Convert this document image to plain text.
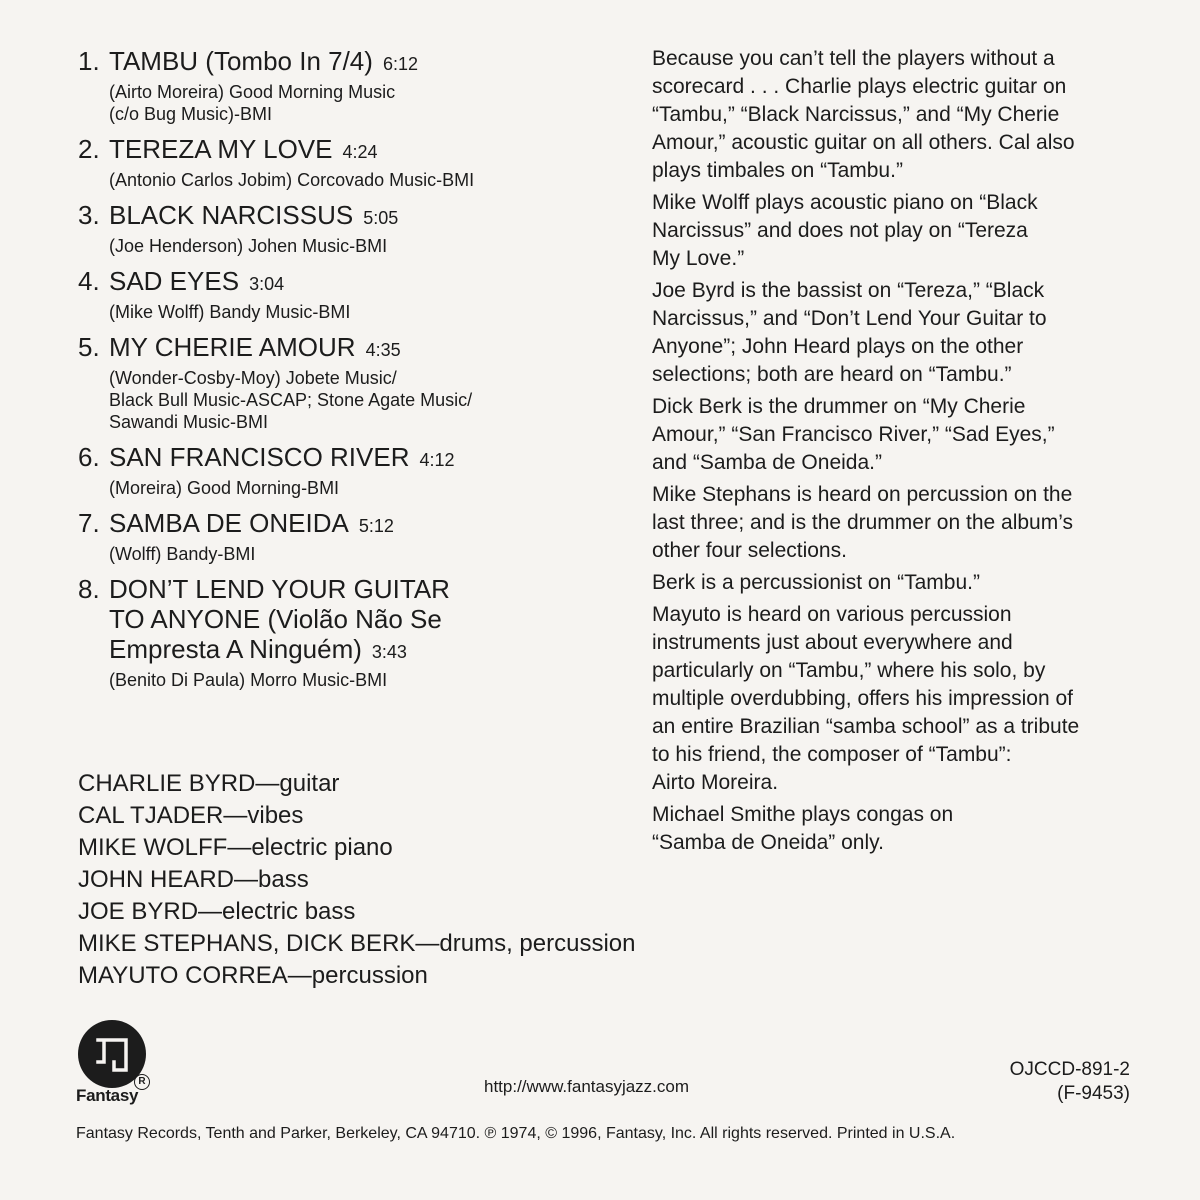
1. TAMBU (Tombo In 7/4) 6:12
(Airto Moreira) Good Morning Music
(c/o Bug Music)-BMI
2. TEREZA MY LOVE 4:24
(Antonio Carlos Jobim) Corcovado Music-BMI
3. BLACK NARCISSUS 5:05
(Joe Henderson) Johen Music-BMI
4. SAD EYES 3:04
(Mike Wolff) Bandy Music-BMI
5. MY CHERIE AMOUR 4:35
(Wonder-Cosby-Moy) Jobete Music/
Black Bull Music-ASCAP; Stone Agate Music/
Sawandi Music-BMI
6. SAN FRANCISCO RIVER 4:12
(Moreira) Good Morning-BMI
7. SAMBA DE ONEIDA 5:12
(Wolff) Bandy-BMI
8. DON’T LEND YOUR GUITAR
TO ANYONE (Violão Não Se
Empresta A Ninguém) 3:43
(Benito Di Paula) Morro Music-BMI
CHARLIE BYRD—guitar
CAL TJADER—vibes
MIKE WOLFF—electric piano
JOHN HEARD—bass
JOE BYRD—electric bass
MIKE STEPHANS, DICK BERK—drums, percussion
MAYUTO CORREA—percussion

Because you can’t tell the players without a
scorecard . . . Charlie plays electric guitar on
“Tambu,” “Black Narcissus,” and “My Cherie
Amour,” acoustic guitar on all others. Cal also
plays timbales on “Tambu.”

Mike Wolff plays acoustic piano on “Black
Narcissus” and does not play on “Tereza
My Love.”

Joe Byrd is the bassist on “Tereza,” “Black
Narcissus,” and “Don’t Lend Your Guitar to
Anyone”; John Heard plays on the other
selections; both are heard on “Tambu.”

Dick Berk is the drummer on “My Cherie
Amour,” “San Francisco River,” “Sad Eyes,”
and “Samba de Oneida.”

Mike Stephans is heard on percussion on the
last three; and is the drummer on the album’s
other four selections.

Berk is a percussionist on “Tambu.”

Mayuto is heard on various percussion
instruments just about everywhere and
particularly on “Tambu,” where his solo, by
multiple overdubbing, offers his impression of
an entire Brazilian “samba school” as a tribute
to his friend, the composer of “Tambu”:
Airto Moreira.

Michael Smithe plays congas on
“Samba de Oneida” only.

R
Fantasy	http://www.fantasyjazz.com
OJCCD-891-2
(F-9453)
Fantasy Records, Tenth and Parker, Berkeley, CA 94710. ℗ 1974, © 1996, Fantasy, Inc. All rights reserved. Printed in U.S.A.
